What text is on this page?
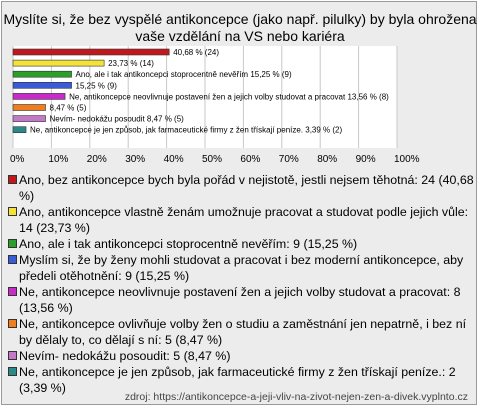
Myslíte si, že bez vyspělé antikoncepce (jako např. pilulky) by byla ohrožena vaše vzdělání na VS nebo kariéra
40,68 % (24)
23,73 % (14)
Ano, ale i tak antikoncepci stoprocentně nevěřím 15,25 % (9)
15,25 % (9)
Ne, antikoncepce neovlivnuje postavení žen a jejich volby studovat a pracovat 13,56 % (8)
8,47 % (5)
Nevím- nedokážu posoudit 8,47 % (5)
Ne, antikoncepce je jen způsob, jak farmaceutické firmy z žen třískají peníze. 3,39 % (2)
0% 10% 20% 30% 40% 50% 60% 70% 80% 90% 100%
Ano, bez antikoncepce bych byla pořád v nejistotě, jestli nejsem těhotná: 24 (40,68 %)
Ano, antikoncepce vlastně ženám umožnuje pracovat a studovat podle jejich vůle: 14 (23,73 %)
Ano, ale i tak antikoncepci stoprocentně nevěřím: 9 (15,25 %)
Myslím si, že by ženy mohli studovat a pracovat i bez moderní antikoncepce, aby předeli otěhotnění: 9 (15,25 %)
Ne, antikoncepce neovlivnuje postavení žen a jejich volby studovat a pracovat: 8 (13,56 %)
Ne, antikoncepce ovlivňuje volby žen o studiu a zaměstnání jen nepatrně, i bez ní by dělaly to, co dělají s ní: 5 (8,47 %)
Nevím- nedokážu posoudit: 5 (8,47 %)
Ne, antikoncepce je jen způsob, jak farmaceutické firmy z žen třískají peníze.: 2 (3,39 %)
zdroj: https://antikoncepce-a-jeji-vliv-na-zivot-nejen-zen-a-divek.vyplnto.cz
